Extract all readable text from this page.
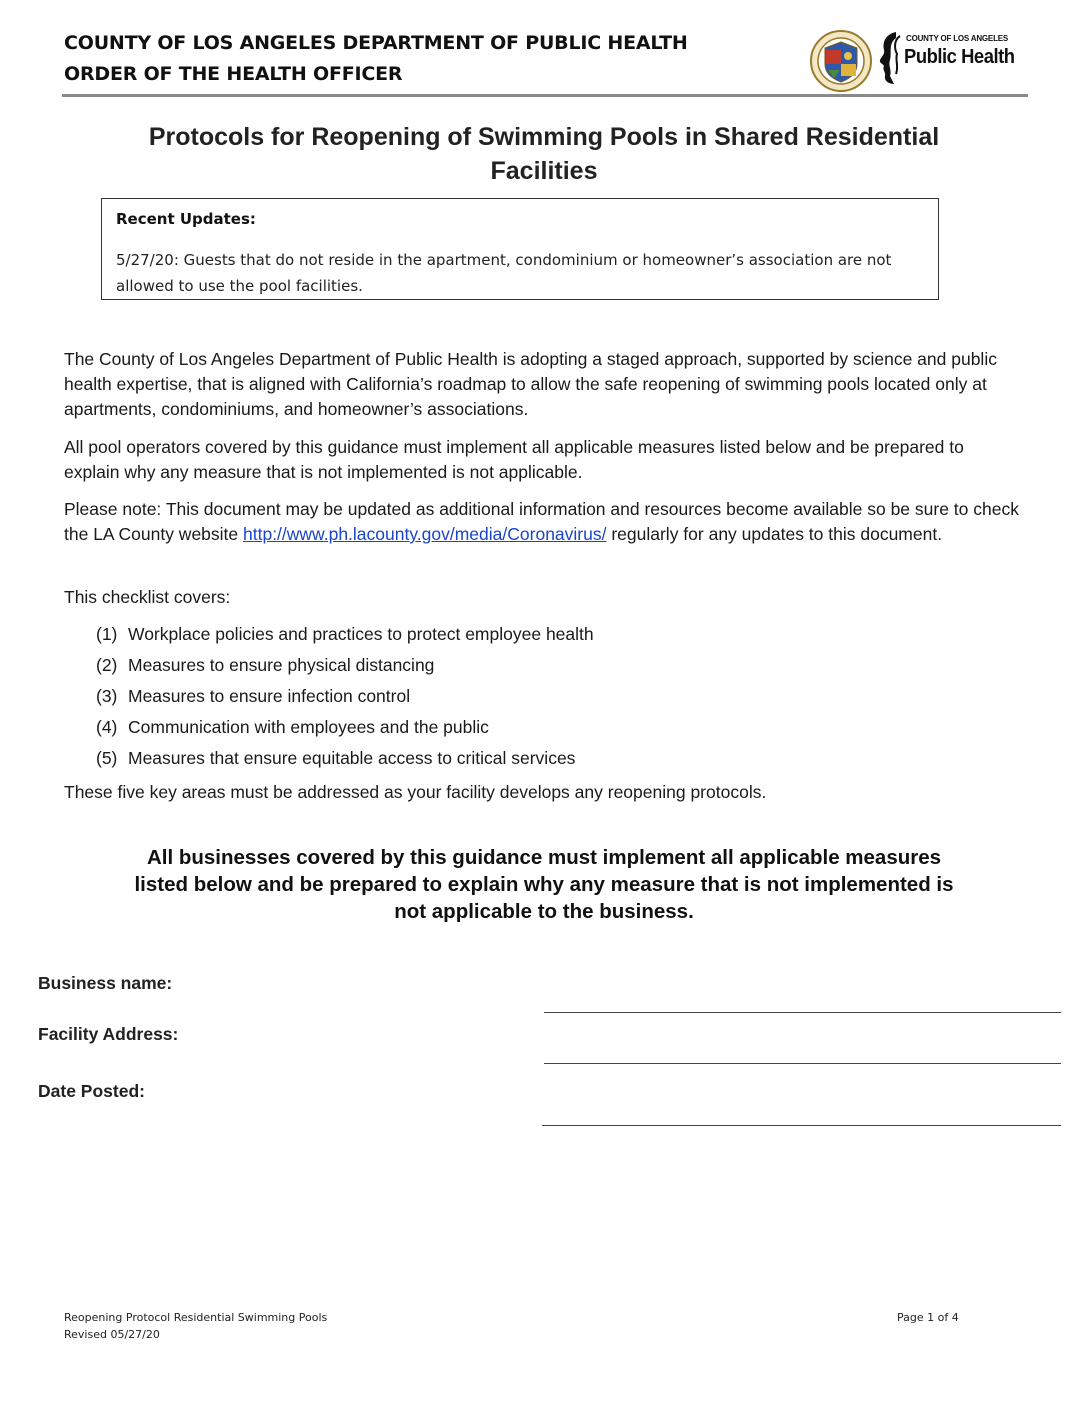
COUNTY OF LOS ANGELES DEPARTMENT OF PUBLIC HEALTH
ORDER OF THE HEALTH OFFICER
COUNTY OF LOS ANGELES
Public Health
Protocols for Reopening of Swimming Pools in Shared Residential
Facilities
Recent Updates:
5/27/20: Guests that do not reside in the apartment, condominium or homeowner’s association are not allowed to use the pool facilities.

The County of Los Angeles Department of Public Health is adopting a staged approach, supported by science and public health expertise, that is aligned with California’s roadmap to allow the safe reopening of swimming pools located only at apartments, condominiums, and homeowner’s associations.

All pool operators covered by this guidance must implement all applicable measures listed below and be prepared to explain why any measure that is not implemented is not applicable.

Please note: This document may be updated as additional information and resources become available so be sure to check the LA County website http://www.ph.lacounty.gov/media/Coronavirus/ regularly for any updates to this document.

This checklist covers:

(1) Workplace policies and practices to protect employee health
(2) Measures to ensure physical distancing
(3) Measures to ensure infection control
(4) Communication with employees and the public
(5) Measures that ensure equitable access to critical services

These five key areas must be addressed as your facility develops any reopening protocols.

All businesses covered by this guidance must implement all applicable measures
listed below and be prepared to explain why any measure that is not implemented is
not applicable to the business.
Business name:
Facility Address:
Date Posted:
Reopening Protocol Residential Swimming Pools
Revised 05/27/20
Page 1 of 4
